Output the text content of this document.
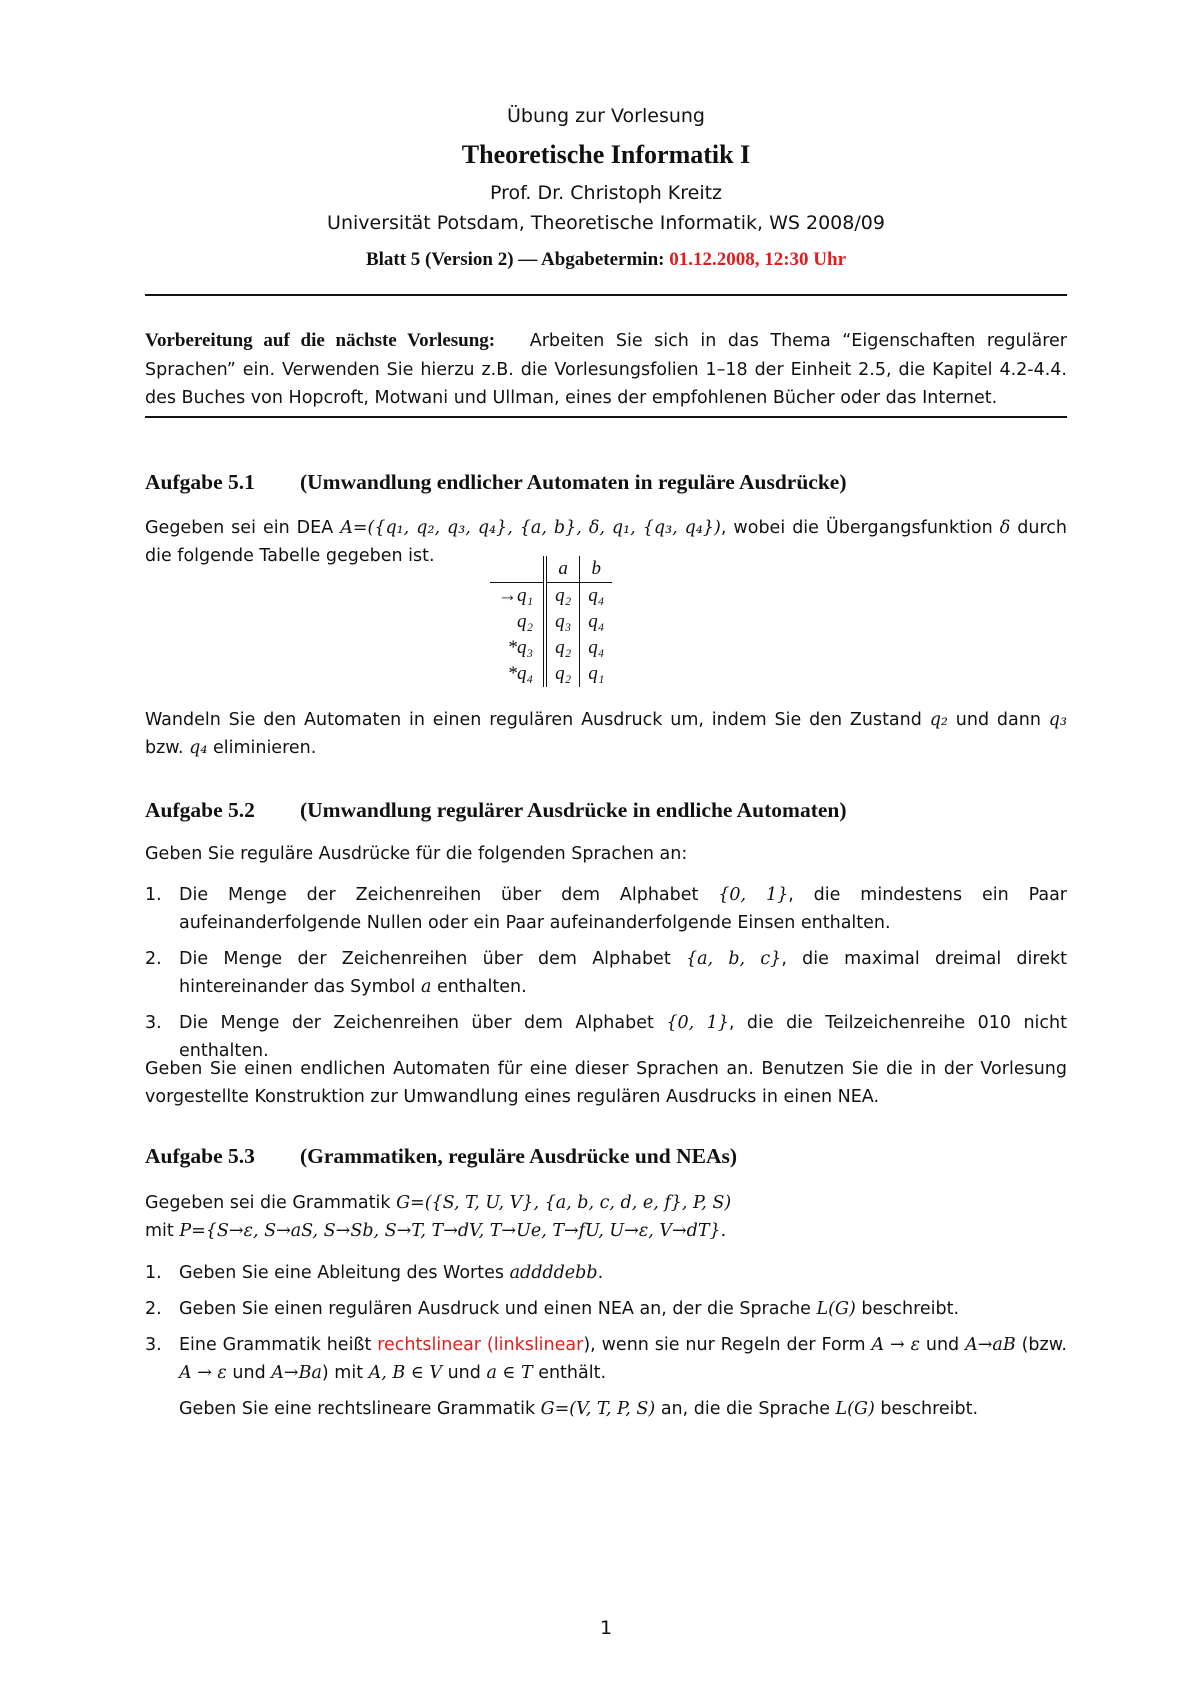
Übung zur Vorlesung
Theoretische Informatik I
Prof. Dr. Christoph Kreitz
Universität Potsdam, Theoretische Informatik, WS 2008/09
Blatt 5 (Version 2) — Abgabetermin: 01.12.2008, 12:30 Uhr
Vorbereitung auf die nächste Vorlesung: Arbeiten Sie sich in das Thema “Eigenschaften regulärer Sprachen” ein. Verwenden Sie hierzu z.B. die Vorlesungsfolien 1–18 der Einheit 2.5, die Kapitel 4.2-4.4. des Buches von Hopcroft, Motwani und Ullman, eines der empfohlenen Bücher oder das Internet.
Aufgabe 5.1 (Umwandlung endlicher Automaten in reguläre Ausdrücke)
Gegeben sei ein DEA A=({q₁, q₂, q₃, q₄}, {a, b}, δ, q₁, {q₃, q₄}), wobei die Übergangsfunktion δ durch die folgende Tabelle gegeben ist.
	a	b
→q₁	q₂	q₄
q₂	q₃	q₄
*q₃	q₂	q₄
*q₄	q₂	q₁
Wandeln Sie den Automaten in einen regulären Ausdruck um, indem Sie den Zustand q₂ und dann q₃ bzw. q₄ eliminieren.
Aufgabe 5.2 (Umwandlung regulärer Ausdrücke in endliche Automaten)
Geben Sie reguläre Ausdrücke für die folgenden Sprachen an:
1. Die Menge der Zeichenreihen über dem Alphabet {0, 1}, die mindestens ein Paar aufeinanderfolgende Nullen oder ein Paar aufeinanderfolgende Einsen enthalten.
2. Die Menge der Zeichenreihen über dem Alphabet {a, b, c}, die maximal dreimal direkt hintereinander das Symbol a enthalten.
3. Die Menge der Zeichenreihen über dem Alphabet {0, 1}, die die Teilzeichenreihe 010 nicht enthalten.
Geben Sie einen endlichen Automaten für eine dieser Sprachen an. Benutzen Sie die in der Vorlesung vorgestellte Konstruktion zur Umwandlung eines regulären Ausdrucks in einen NEA.
Aufgabe 5.3 (Grammatiken, reguläre Ausdrücke und NEAs)
Gegeben sei die Grammatik G=({S, T, U, V}, {a, b, c, d, e, f}, P, S)
mit P={S→ε, S→aS, S→Sb, S→T, T→dV, T→Ue, T→fU, U→ε, V→dT}.
1. Geben Sie eine Ableitung des Wortes addddebb.
2. Geben Sie einen regulären Ausdruck und einen NEA an, der die Sprache L(G) beschreibt.
3. Eine Grammatik heißt rechtslinear (linkslinear), wenn sie nur Regeln der Form A → ε und A→aB (bzw. A → ε und A→Ba) mit A, B ∈ V und a ∈ T enthält.
Geben Sie eine rechtslineare Grammatik G=(V, T, P, S) an, die die Sprache L(G) beschreibt.
1
